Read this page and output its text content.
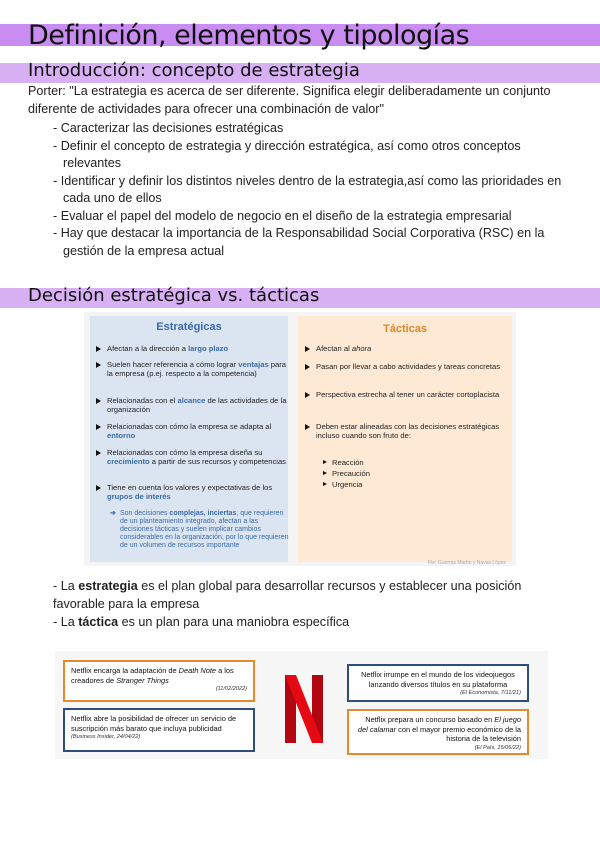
Definición, elementos y tipologías
Introducción: concepto de estrategia
Porter: "La estrategia es acerca de ser diferente. Significa elegir deliberadamente un conjunto diferente de actividades para ofrecer una combinación de valor"
- Caracterizar las decisiones estratégicas
- Definir el concepto de estrategia y dirección estratégica, así como otros conceptos relevantes
- Identificar y definir los distintos niveles dentro de la estrategia,así como las prioridades en cada uno de ellos
- Evaluar el papel del modelo de negocio en el diseño de la estrategia empresarial
- Hay que destacar la importancia de la Responsabilidad Social Corporativa (RSC) en la gestión de la empresa actual
Decisión estratégica vs. tácticas
Estratégicas
Afectan a la dirección a largo plazo
Suelen hacer referencia a cómo lograr ventajas para la empresa (p.ej. respecto a la competencia)
Relacionadas con el alcance de las actividades de la organización
Relacionadas con cómo la empresa se adapta al entorno
Relacionadas con cómo la empresa diseña su crecimiento a partir de sus recursos y competencias
Tiene en cuenta los valores y expectativas de los grupos de interés
➔ Son decisiones complejas, inciertas, que requieren de un planteamiento integrado, afectan a las decisiones tácticas y suelen implicar cambios considerables en la organización, por lo que requieren de un volumen de recursos importante
Tácticas
Afectan al ahora
Pasan por llevar a cabo actividades y tareas concretas
Perspectiva estrecha al tener un carácter cortoplacista
Deben estar alineadas con las decisiones estratégicas incluso cuando son fruto de:
Reacción
Precaución
Urgencia
Fte: Guerras Martín y Navas López
- La estrategia es el plan global para desarrollar recursos y establecer una posición favorable para la empresa
- La táctica es un plan para una maniobra específica
Netflix encarga la adaptación de Death Note a los creadores de Stranger Things
(11/02/2022)
Netflix abre la posibilidad de ofrecer un servicio de suscripción más barato que incluya publicidad
(Business Insider, 24/04/22)
Netflix irrumpe en el mundo de los videojuegos lanzando diversos títulos en su plataforma
(El Economista, 7/11/21)
Netflix prepara un concurso basado en El juego del calamar con el mayor premio económico de la historia de la televisión
(El País, 15/06/22)
